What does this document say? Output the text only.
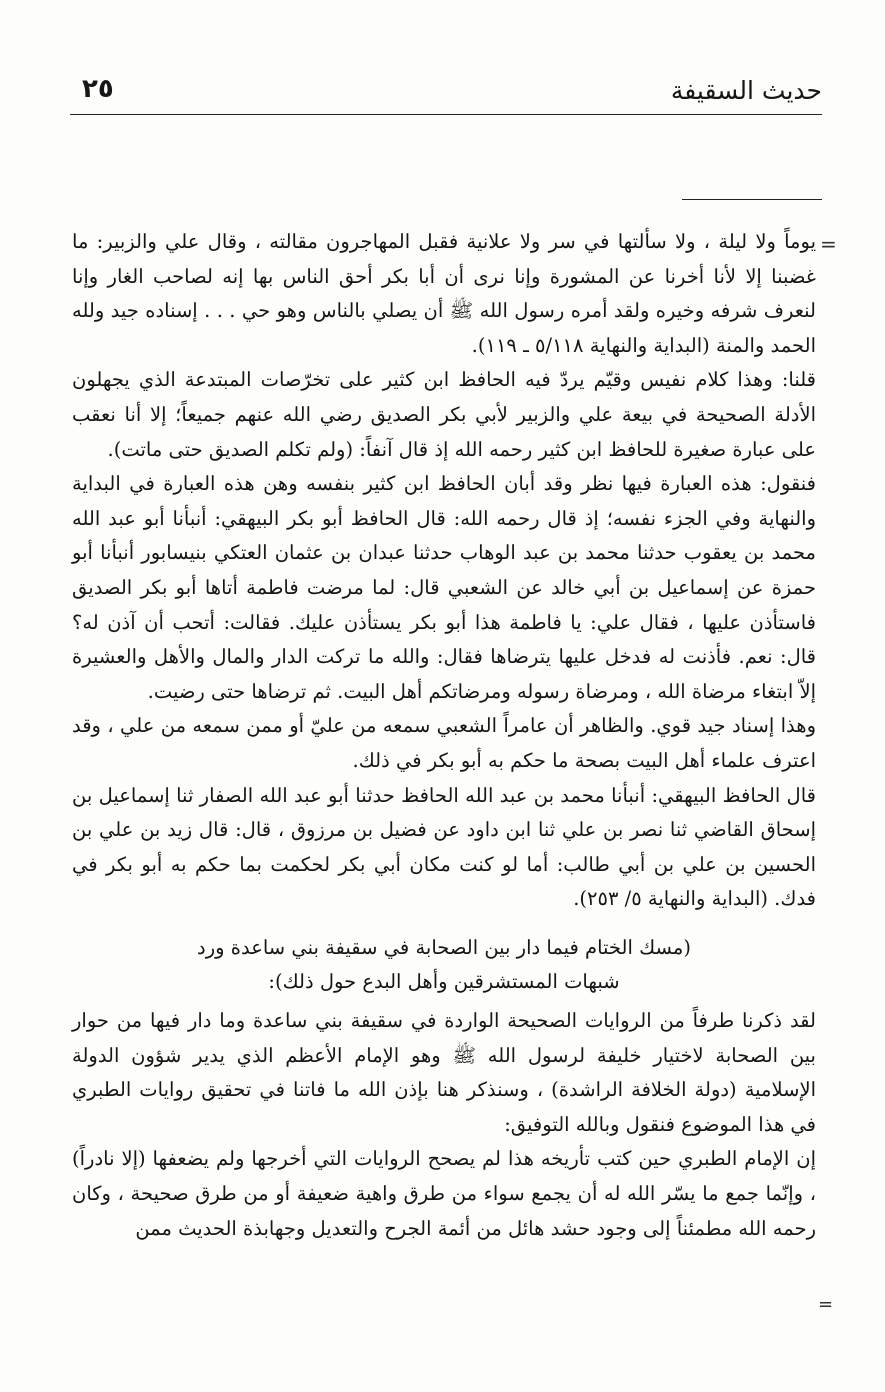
حديث السقيفة
٢٥
=
=

يوماً ولا ليلة ، ولا سألتها في سر ولا علانية فقبل المهاجرون مقالته ، وقال علي والزبير: ما غضبنا إلا لأنا أخرنا عن المشورة وإنا نرى أن أبا بكر أحق الناس بها إنه لصاحب الغار وإنا لنعرف شرفه وخيره ولقد أمره رسول الله ﷺ أن يصلي بالناس وهو حي . . . إسناده جيد ولله الحمد والمنة (البداية والنهاية ٥/١١٨ ـ ١١٩).

قلنا: وهذا كلام نفيس وقيّم يردّ فيه الحافظ ابن كثير على تخرّصات المبتدعة الذي يجهلون الأدلة الصحيحة في بيعة علي والزبير لأبي بكر الصديق رضي الله عنهم جميعاً؛ إلا أنا نعقب على عبارة صغيرة للحافظ ابن كثير رحمه الله إذ قال آنفاً: (ولم تكلم الصديق حتى ماتت).

فنقول: هذه العبارة فيها نظر وقد أبان الحافظ ابن كثير بنفسه وهن هذه العبارة في البداية والنهاية وفي الجزء نفسه؛ إذ قال رحمه الله: قال الحافظ أبو بكر البيهقي: أنبأنا أبو عبد الله محمد بن يعقوب حدثنا محمد بن عبد الوهاب حدثنا عبدان بن عثمان العتكي بنيسابور أنبأنا أبو حمزة عن إسماعيل بن أبي خالد عن الشعبي قال: لما مرضت فاطمة أتاها أبو بكر الصديق فاستأذن عليها ، فقال علي: يا فاطمة هذا أبو بكر يستأذن عليك. فقالت: أتحب أن آذن له؟ قال: نعم. فأذنت له فدخل عليها يترضاها فقال: والله ما تركت الدار والمال والأهل والعشيرة إلاّ ابتغاء مرضاة الله ، ومرضاة رسوله ومرضاتكم أهل البيت. ثم ترضاها حتى رضيت.

وهذا إسناد جيد قوي. والظاهر أن عامراً الشعبي سمعه من عليّ أو ممن سمعه من علي ، وقد اعترف علماء أهل البيت بصحة ما حكم به أبو بكر في ذلك.

قال الحافظ البيهقي: أنبأنا محمد بن عبد الله الحافظ حدثنا أبو عبد الله الصفار ثنا إسماعيل بن إسحاق القاضي ثنا نصر بن علي ثنا ابن داود عن فضيل بن مرزوق ، قال: قال زيد بن علي بن الحسين بن علي بن أبي طالب: أما لو كنت مكان أبي بكر لحكمت بما حكم به أبو بكر في فدك. (البداية والنهاية ٥/ ٢٥٣).

(مسك الختام فيما دار بين الصحابة في سقيفة بني ساعدة ورد
شبهات المستشرقين وأهل البدع حول ذلك):

لقد ذكرنا طرفاً من الروايات الصحيحة الواردة في سقيفة بني ساعدة وما دار فيها من حوار بين الصحابة لاختيار خليفة لرسول الله ﷺ وهو الإمام الأعظم الذي يدير شؤون الدولة الإسلامية (دولة الخلافة الراشدة) ، وسنذكر هنا بإذن الله ما فاتنا في تحقيق روايات الطبري في هذا الموضوع فنقول وبالله التوفيق:

إن الإمام الطبري حين كتب تأريخه هذا لم يصحح الروايات التي أخرجها ولم يضعفها (إلا نادراً) ، وإنّما جمع ما يسّر الله له أن يجمع سواء من طرق واهية ضعيفة أو من طرق صحيحة ، وكان رحمه الله مطمئناً إلى وجود حشد هائل من أئمة الجرح والتعديل وجهابذة الحديث ممن
